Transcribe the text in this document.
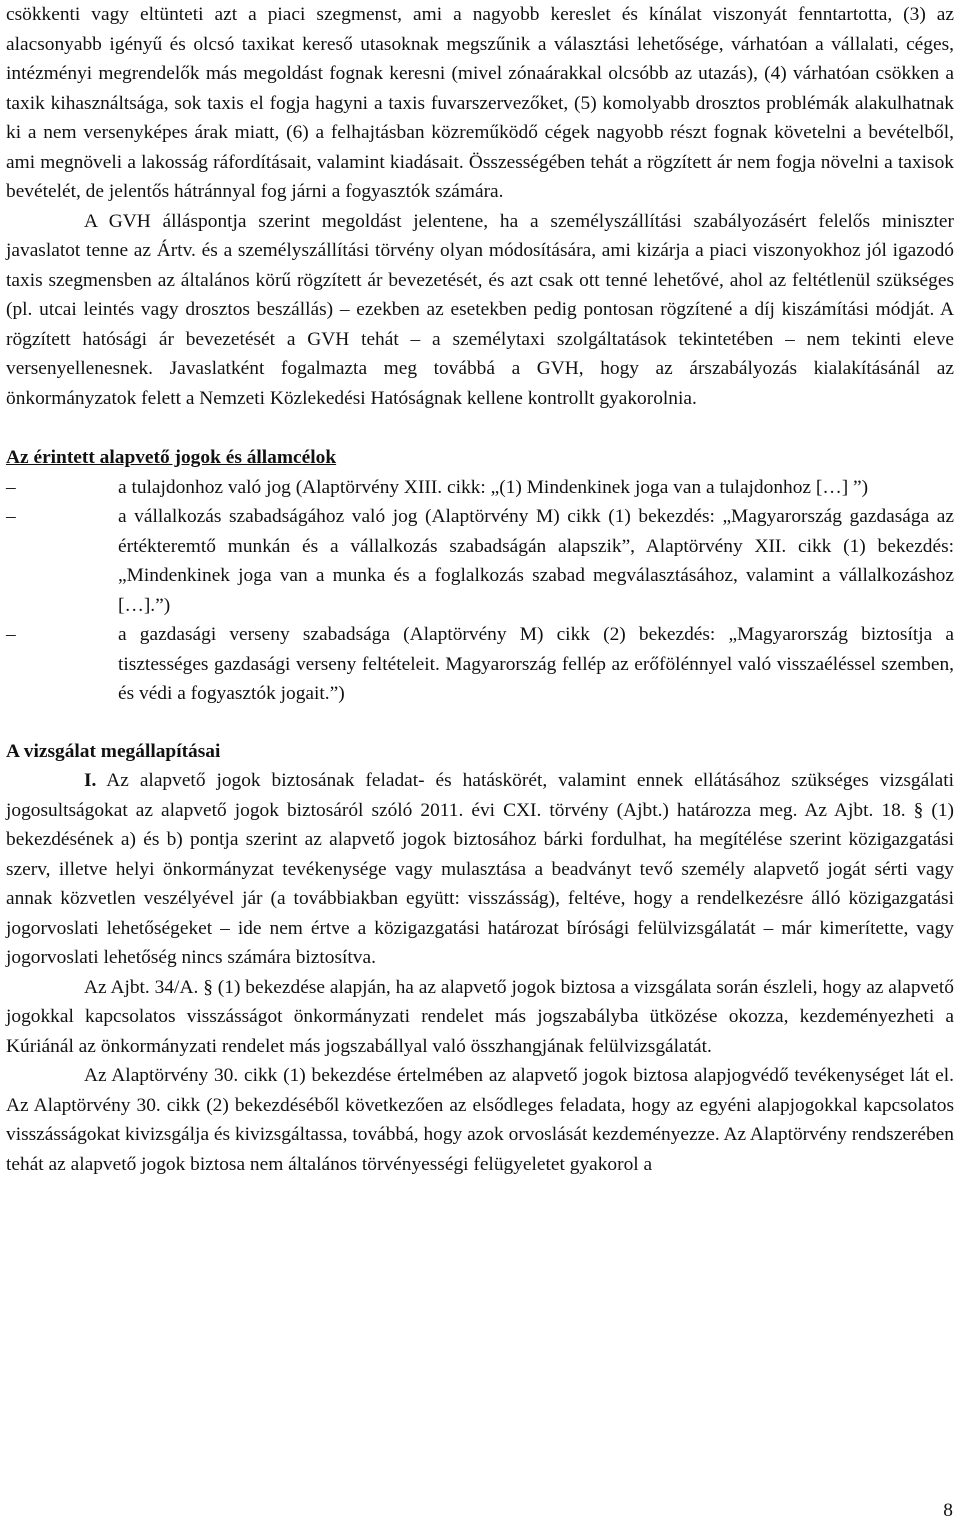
csökkenti vagy eltünteti azt a piaci szegmenst, ami a nagyobb kereslet és kínálat viszonyát fenntartotta, (3) az alacsonyabb igényű és olcsó taxikat kereső utasoknak megszűnik a választási lehetősége, várhatóan a vállalati, céges, intézményi megrendelők más megoldást fognak keresni (mivel zónaárakkal olcsóbb az utazás), (4) várhatóan csökken a taxik kihasználtsága, sok taxis el fogja hagyni a taxis fuvarszervezőket, (5) komolyabb drosztos problémák alakulhatnak ki a nem versenyképes árak miatt, (6) a felhajtásban közreműködő cégek nagyobb részt fognak követelni a bevételből, ami megnöveli a lakosság ráfordításait, valamint kiadásait. Összességében tehát a rögzített ár nem fogja növelni a taxisok bevételét, de jelentős hátránnyal fog járni a fogyasztók számára.

A GVH álláspontja szerint megoldást jelentene, ha a személyszállítási szabályozásért felelős miniszter javaslatot tenne az Ártv. és a személyszállítási törvény olyan módosítására, ami kizárja a piaci viszonyokhoz jól igazodó taxis szegmensben az általános körű rögzített ár bevezetését, és azt csak ott tenné lehetővé, ahol az feltétlenül szükséges (pl. utcai leintés vagy drosztos beszállás) – ezekben az esetekben pedig pontosan rögzítené a díj kiszámítási módját. A rögzített hatósági ár bevezetését a GVH tehát – a személytaxi szolgáltatások tekintetében – nem tekinti eleve versenyellenesnek. Javaslatként fogalmazta meg továbbá a GVH, hogy az árszabályozás kialakításánál az önkormányzatok felett a Nemzeti Közlekedési Hatóságnak kellene kontrollt gyakorolnia.

Az érintett alapvető jogok és államcélok

–	a tulajdonhoz való jog (Alaptörvény XIII. cikk: „(1) Mindenkinek joga van a tulajdonhoz […] ”)
–	a vállalkozás szabadságához való jog (Alaptörvény M) cikk (1) bekezdés: „Magyarország gazdasága az értékteremtő munkán és a vállalkozás szabadságán alapszik”, Alaptörvény XII. cikk (1) bekezdés: „Mindenkinek joga van a munka és a foglalkozás szabad megválasztásához, valamint a vállalkozáshoz […].”)
–	a gazdasági verseny szabadsága (Alaptörvény M) cikk (2) bekezdés: „Magyarország biztosítja a tisztességes gazdasági verseny feltételeit. Magyarország fellép az erőfölénnyel való visszaéléssel szemben, és védi a fogyasztók jogait.”)

A vizsgálat megállapításai

I. Az alapvető jogok biztosának feladat- és hatáskörét, valamint ennek ellátásához szükséges vizsgálati jogosultságokat az alapvető jogok biztosáról szóló 2011. évi CXI. törvény (Ajbt.) határozza meg. Az Ajbt. 18. § (1) bekezdésének a) és b) pontja szerint az alapvető jogok biztosához bárki fordulhat, ha megítélése szerint közigazgatási szerv, illetve helyi önkormányzat tevékenysége vagy mulasztása a beadványt tevő személy alapvető jogát sérti vagy annak közvetlen veszélyével jár (a továbbiakban együtt: visszásság), feltéve, hogy a rendelkezésre álló közigazgatási jogorvoslati lehetőségeket – ide nem értve a közigazgatási határozat bírósági felülvizsgálatát – már kimerítette, vagy jogorvoslati lehetőség nincs számára biztosítva.

Az Ajbt. 34/A. § (1) bekezdése alapján, ha az alapvető jogok biztosa a vizsgálata során észleli, hogy az alapvető jogokkal kapcsolatos visszásságot önkormányzati rendelet más jogszabályba ütközése okozza, kezdeményezheti a Kúriánál az önkormányzati rendelet más jogszabállyal való összhangjának felülvizsgálatát.

Az Alaptörvény 30. cikk (1) bekezdése értelmében az alapvető jogok biztosa alapjogvédő tevékenységet lát el. Az Alaptörvény 30. cikk (2) bekezdéséből következően az elsődleges feladata, hogy az egyéni alapjogokkal kapcsolatos visszásságokat kivizsgálja és kivizsgáltassa, továbbá, hogy azok orvoslását kezdeményezze. Az Alaptörvény rendszerében tehát az alapvető jogok biztosa nem általános törvényességi felügyeletet gyakorol a

8
